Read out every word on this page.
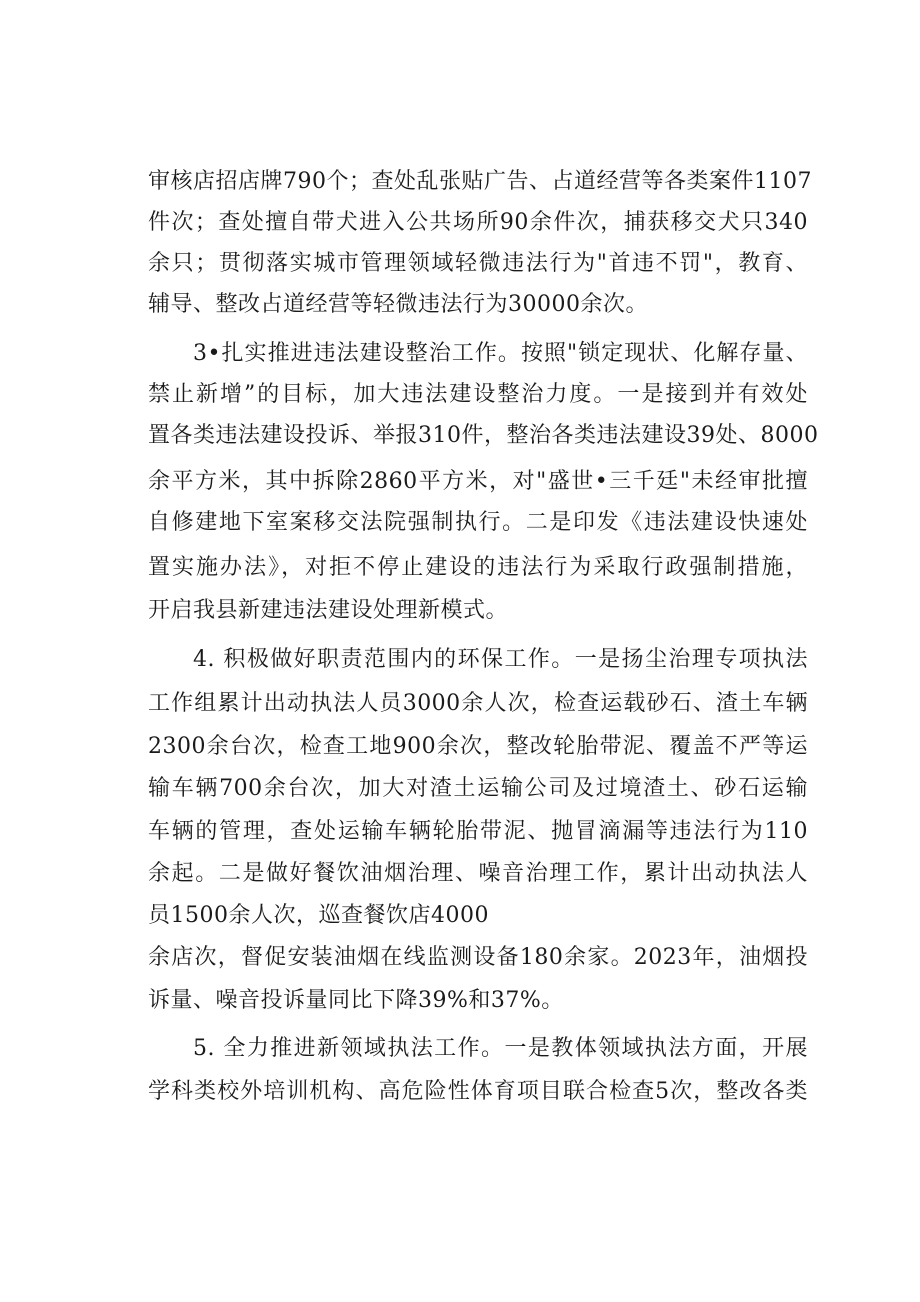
审核店招店牌790个；查处乱张贴广告、占道经营等各类案件1107
件次；查处擅自带犬进入公共场所90余件次，捕获移交犬只340
余只；贯彻落实城市管理领域轻微违法行为"首违不罚"，教育、
辅导、整改占道经营等轻微违法行为30000余次。
3•扎实推进违法建设整治工作。按照"锁定现状、化解存量、
禁止新增”的目标，加大违法建设整治力度。一是接到并有效处
置各类违法建设投诉、举报310件，整治各类违法建设39处、8000
余平方米，其中拆除2860平方米，对"盛世•三千廷"未经审批擅
自修建地下室案移交法院强制执行。二是印发《违法建设快速处
置实施办法》，对拒不停止建设的违法行为采取行政强制措施，
开启我县新建违法建设处理新模式。
4. 积极做好职责范围内的环保工作。一是扬尘治理专项执法
工作组累计出动执法人员3000余人次，检查运载砂石、渣土车辆
2300余台次，检查工地900余次，整改轮胎带泥、覆盖不严等运
输车辆700余台次，加大对渣土运输公司及过境渣土、砂石运输
车辆的管理，查处运输车辆轮胎带泥、抛冒滴漏等违法行为110
余起。二是做好餐饮油烟治理、噪音治理工作，累计出动执法人
员1500余人次，巡查餐饮店4000
余店次，督促安装油烟在线监测设备180余家。2023年，油烟投
诉量、噪音投诉量同比下降39%和37%。
5. 全力推进新领域执法工作。一是教体领域执法方面，开展
学科类校外培训机构、高危险性体育项目联合检查5次，整改各类
